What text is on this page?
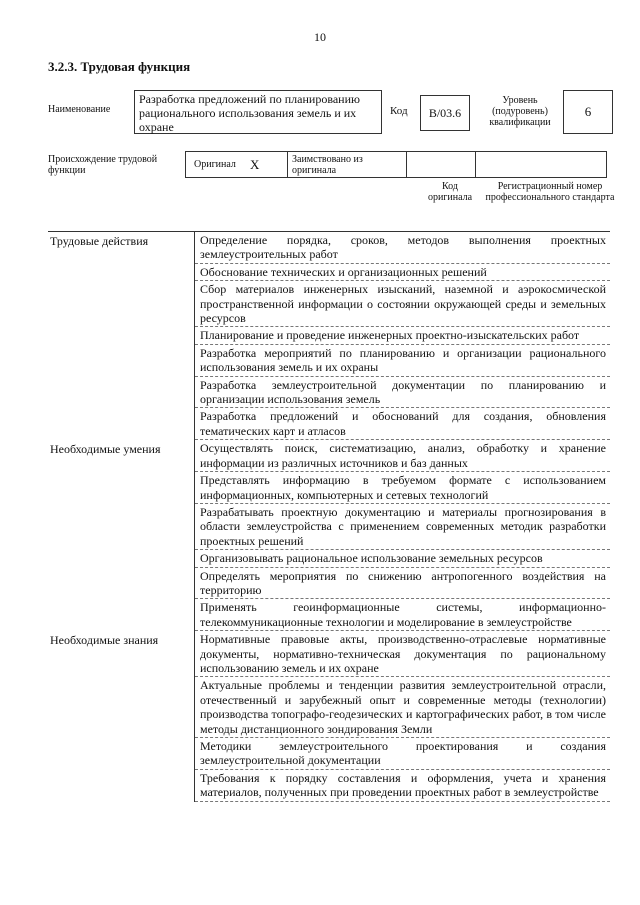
10
3.2.3. Трудовая функция
Наименование
Разработка предложений по планированию рационального использования земель и их охране
Код	B/03.6
Уровень (подуровень) квалификации
6
Происхождение трудовой функции
Оригинал X	Заимствовано из оригинала
Код оригинала
Регистрационный номер профессионального стандарта
Трудовые действия	Определение порядка, сроков, методов выполнения проектных землеустроительных работ
Обоснование технических и организационных решений
Сбор материалов инженерных изысканий, наземной и аэрокосмической пространственной информации о состоянии окружающей среды и земельных ресурсов
Планирование и проведение инженерных проектно-изыскательских работ
Разработка мероприятий по планированию и организации рационального использования земель и их охраны
Разработка землеустроительной документации по планированию и организации использования земель
Разработка предложений и обоснований для создания, обновления тематических карт и атласов
Необходимые умения	Осуществлять поиск, систематизацию, анализ, обработку и хранение информации из различных источников и баз данных
Представлять информацию в требуемом формате с использованием информационных, компьютерных и сетевых технологий
Разрабатывать проектную документацию и материалы прогнозирования в области землеустройства с применением современных методик разработки проектных решений
Организовывать рациональное использование земельных ресурсов
Определять мероприятия по снижению антропогенного воздействия на территорию
Применять геоинформационные системы, информационно-телекоммуникационные технологии и моделирование в землеустройстве
Необходимые знания	Нормативные правовые акты, производственно-отраслевые нормативные документы, нормативно-техническая документация по рациональному использованию земель и их охране
Актуальные проблемы и тенденции развития землеустроительной отрасли, отечественный и зарубежный опыт и современные методы (технологии) производства топографо-геодезических и картографических работ, в том числе методы дистанционного зондирования Земли
Методики землеустроительного проектирования и создания землеустроительной документации
Требования к порядку составления и оформления, учета и хранения материалов, полученных при проведении проектных работ в землеустройстве
